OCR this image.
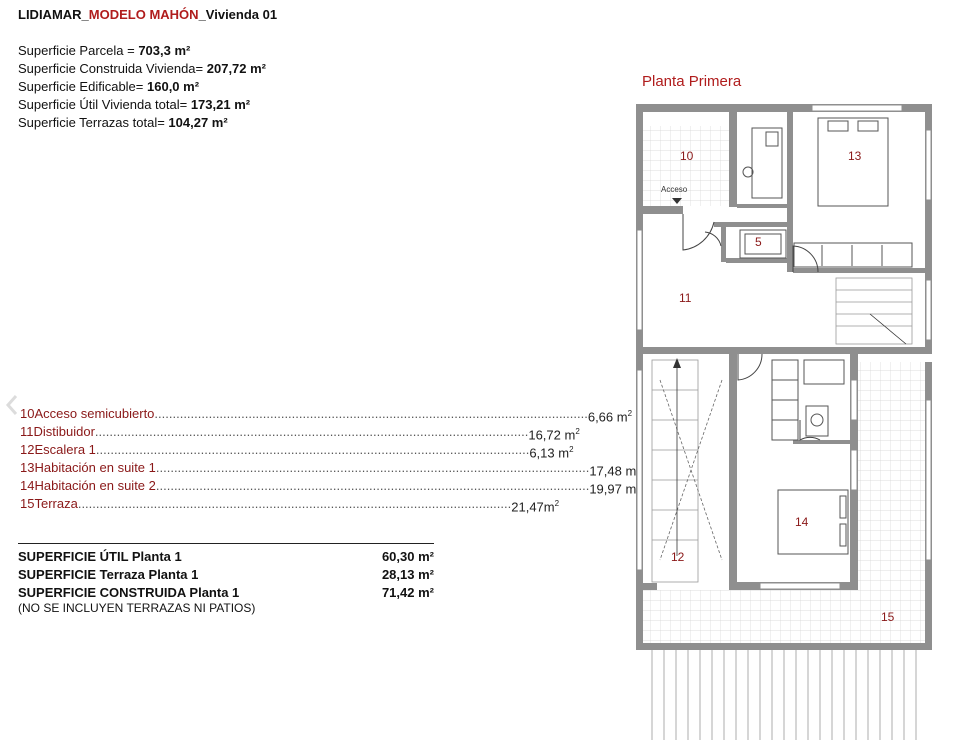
LIDIAMAR_MODELO MAHÓN_Vivienda 01
Superficie Parcela = 703,3 m²
Superficie Construida Vivienda= 207,72 m²
Superficie Edificable= 160,0 m²
Superficie Útil Vivienda total= 173,21 m²
Superficie Terrazas total= 104,27 m²
10 Acceso semicubierto ........................................................................................................................ 6,66 $m^2$
11 Distibuidor ........................................................................................................................ 16,72 $m^2$
12 Escalera 1 ........................................................................................................................ 6,13 $m^2$
13 Habitación en suite 1 ........................................................................................................................ 17,48 m
14 Habitación en suite 2 ........................................................................................................................ 19,97 m
15 Terraza ........................................................................................................................ $21,47m^2$
SUPERFICIE ÚTIL Planta 1	60,30 m²
SUPERFICIE Terraza Planta 1	28,13 m²
SUPERFICIE CONSTRUIDA Planta 1	71,42 m²
(NO SE INCLUYEN TERRAZAS NI PATIOS)
Planta Primera
10	13
5
11
14
12
15
Acceso
